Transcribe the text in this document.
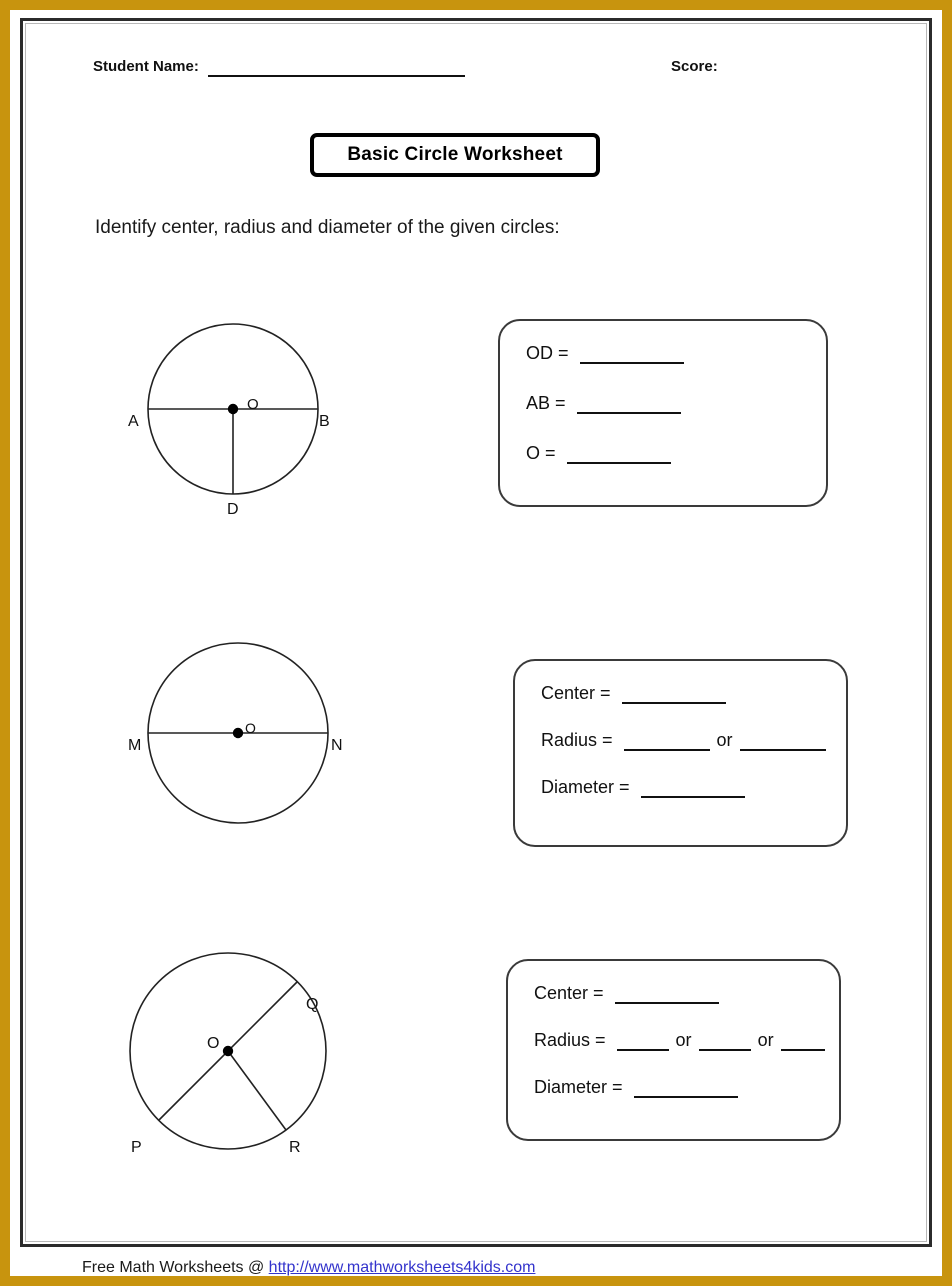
Student Name:	Score:
Basic Circle Worksheet
Identify center, radius and diameter of the given circles:
A	B
D
O
OD =
AB =
O =
M	N
O
Center =
Radius =	or
Diameter =
O
Q
P	R
Center =
Radius =	or	or
Diameter =
Free Math Worksheets @ http://www.mathworksheets4kids.com
